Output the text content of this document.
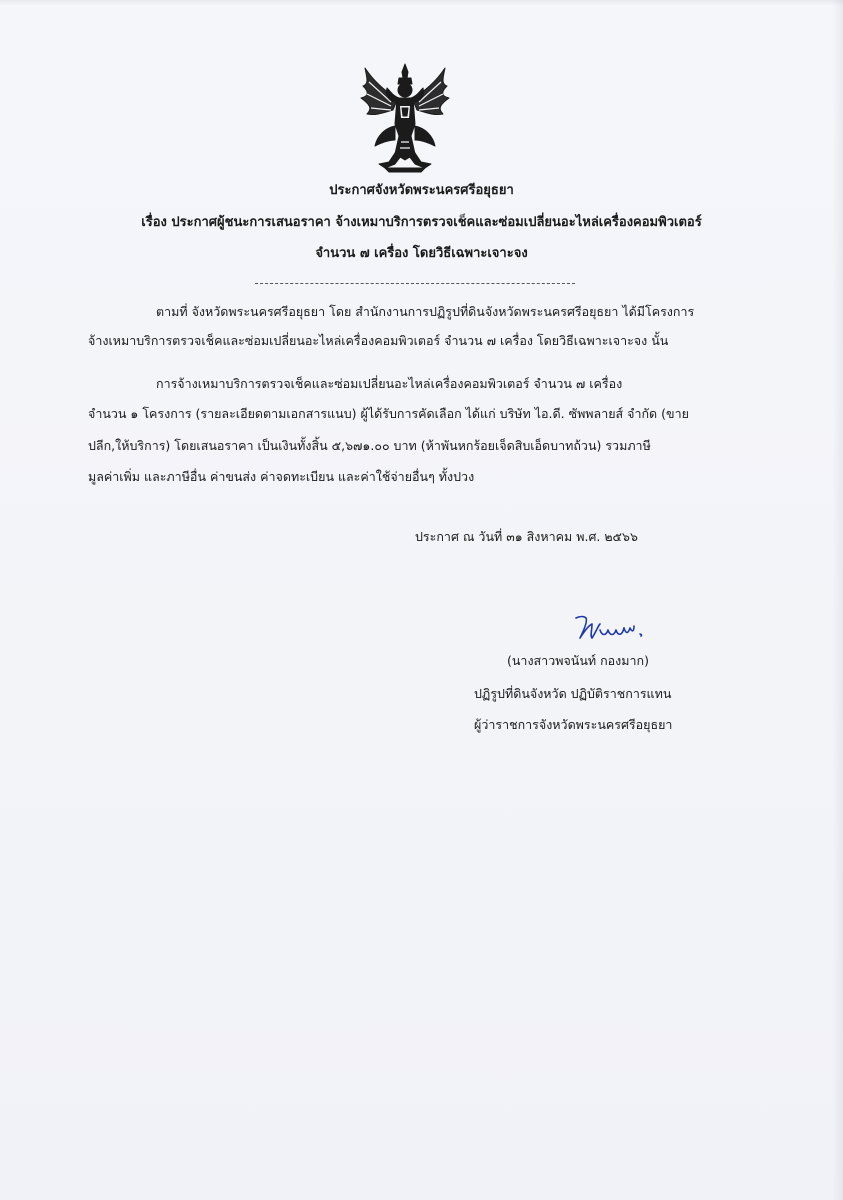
ประกาศจังหวัดพระนครศรีอยุธยา
เรื่อง ประกาศผู้ชนะการเสนอราคา จ้างเหมาบริการตรวจเช็คและซ่อมเปลี่ยนอะไหล่เครื่องคอมพิวเตอร์
จำนวน ๗ เครื่อง โดยวิธีเฉพาะเจาะจง
ตามที่ จังหวัดพระนครศรีอยุธยา โดย สำนักงานการปฏิรูปที่ดินจังหวัดพระนครศรีอยุธยา ได้มีโครงการ
จ้างเหมาบริการตรวจเช็คและซ่อมเปลี่ยนอะไหล่เครื่องคอมพิวเตอร์ จำนวน ๗ เครื่อง โดยวิธีเฉพาะเจาะจง นั้น
การจ้างเหมาบริการตรวจเช็คและซ่อมเปลี่ยนอะไหล่เครื่องคอมพิวเตอร์ จำนวน ๗ เครื่อง
จำนวน ๑ โครงการ (รายละเอียดตามเอกสารแนบ) ผู้ได้รับการคัดเลือก ได้แก่ บริษัท ไอ.ดี. ซัพพลายส์ จำกัด (ขาย
ปลีก,ให้บริการ) โดยเสนอราคา เป็นเงินทั้งสิ้น ๕,๖๗๑.๐๐ บาท (ห้าพันหกร้อยเจ็ดสิบเอ็ดบาทถ้วน) รวมภาษี
มูลค่าเพิ่ม และภาษีอื่น ค่าขนส่ง ค่าจดทะเบียน และค่าใช้จ่ายอื่นๆ ทั้งปวง
ประกาศ ณ วันที่ ๓๑ สิงหาคม พ.ศ. ๒๕๖๖
(นางสาวพจนันท์ กองมาก)
ปฏิรูปที่ดินจังหวัด ปฏิบัติราชการแทน
ผู้ว่าราชการจังหวัดพระนครศรีอยุธยา
